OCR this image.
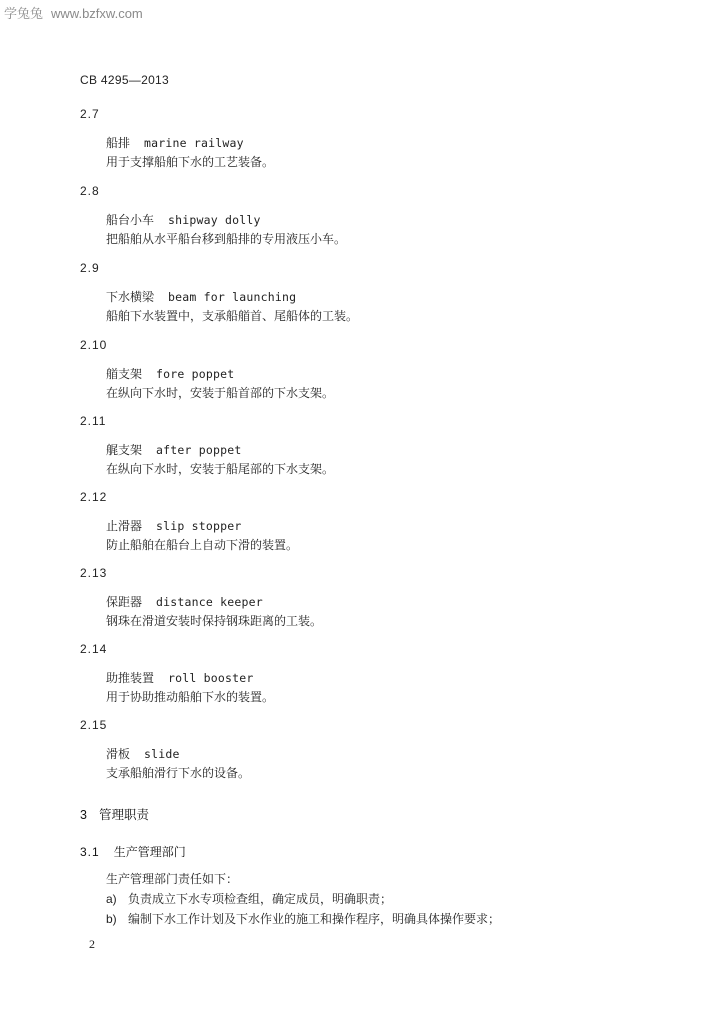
学兔兔 www.bzfxw.com
CB 4295—2013
2.7
船排 marine railway
用于支撑船舶下水的工艺装备。
2.8
船台小车 shipway dolly
把船舶从水平船台移到船排的专用液压小车。
2.9
下水横梁 beam for launching
船舶下水装置中，支承船艏首、尾船体的工装。
2.10
艏支架 fore poppet
在纵向下水时，安装于船首部的下水支架。
2.11
艉支架 after poppet
在纵向下水时，安装于船尾部的下水支架。
2.12
止滑器 slip stopper
防止船舶在船台上自动下滑的装置。
2.13
保距器 distance keeper
钢珠在滑道安装时保持钢珠距离的工装。
2.14
助推装置 roll booster
用于协助推动船舶下水的装置。
2.15
滑板 slide
支承船舶滑行下水的设备。
3 管理职责
3.1 生产管理部门
生产管理部门责任如下：
a) 负责成立下水专项检查组，确定成员，明确职责；
b) 编制下水工作计划及下水作业的施工和操作程序，明确具体操作要求；
2
